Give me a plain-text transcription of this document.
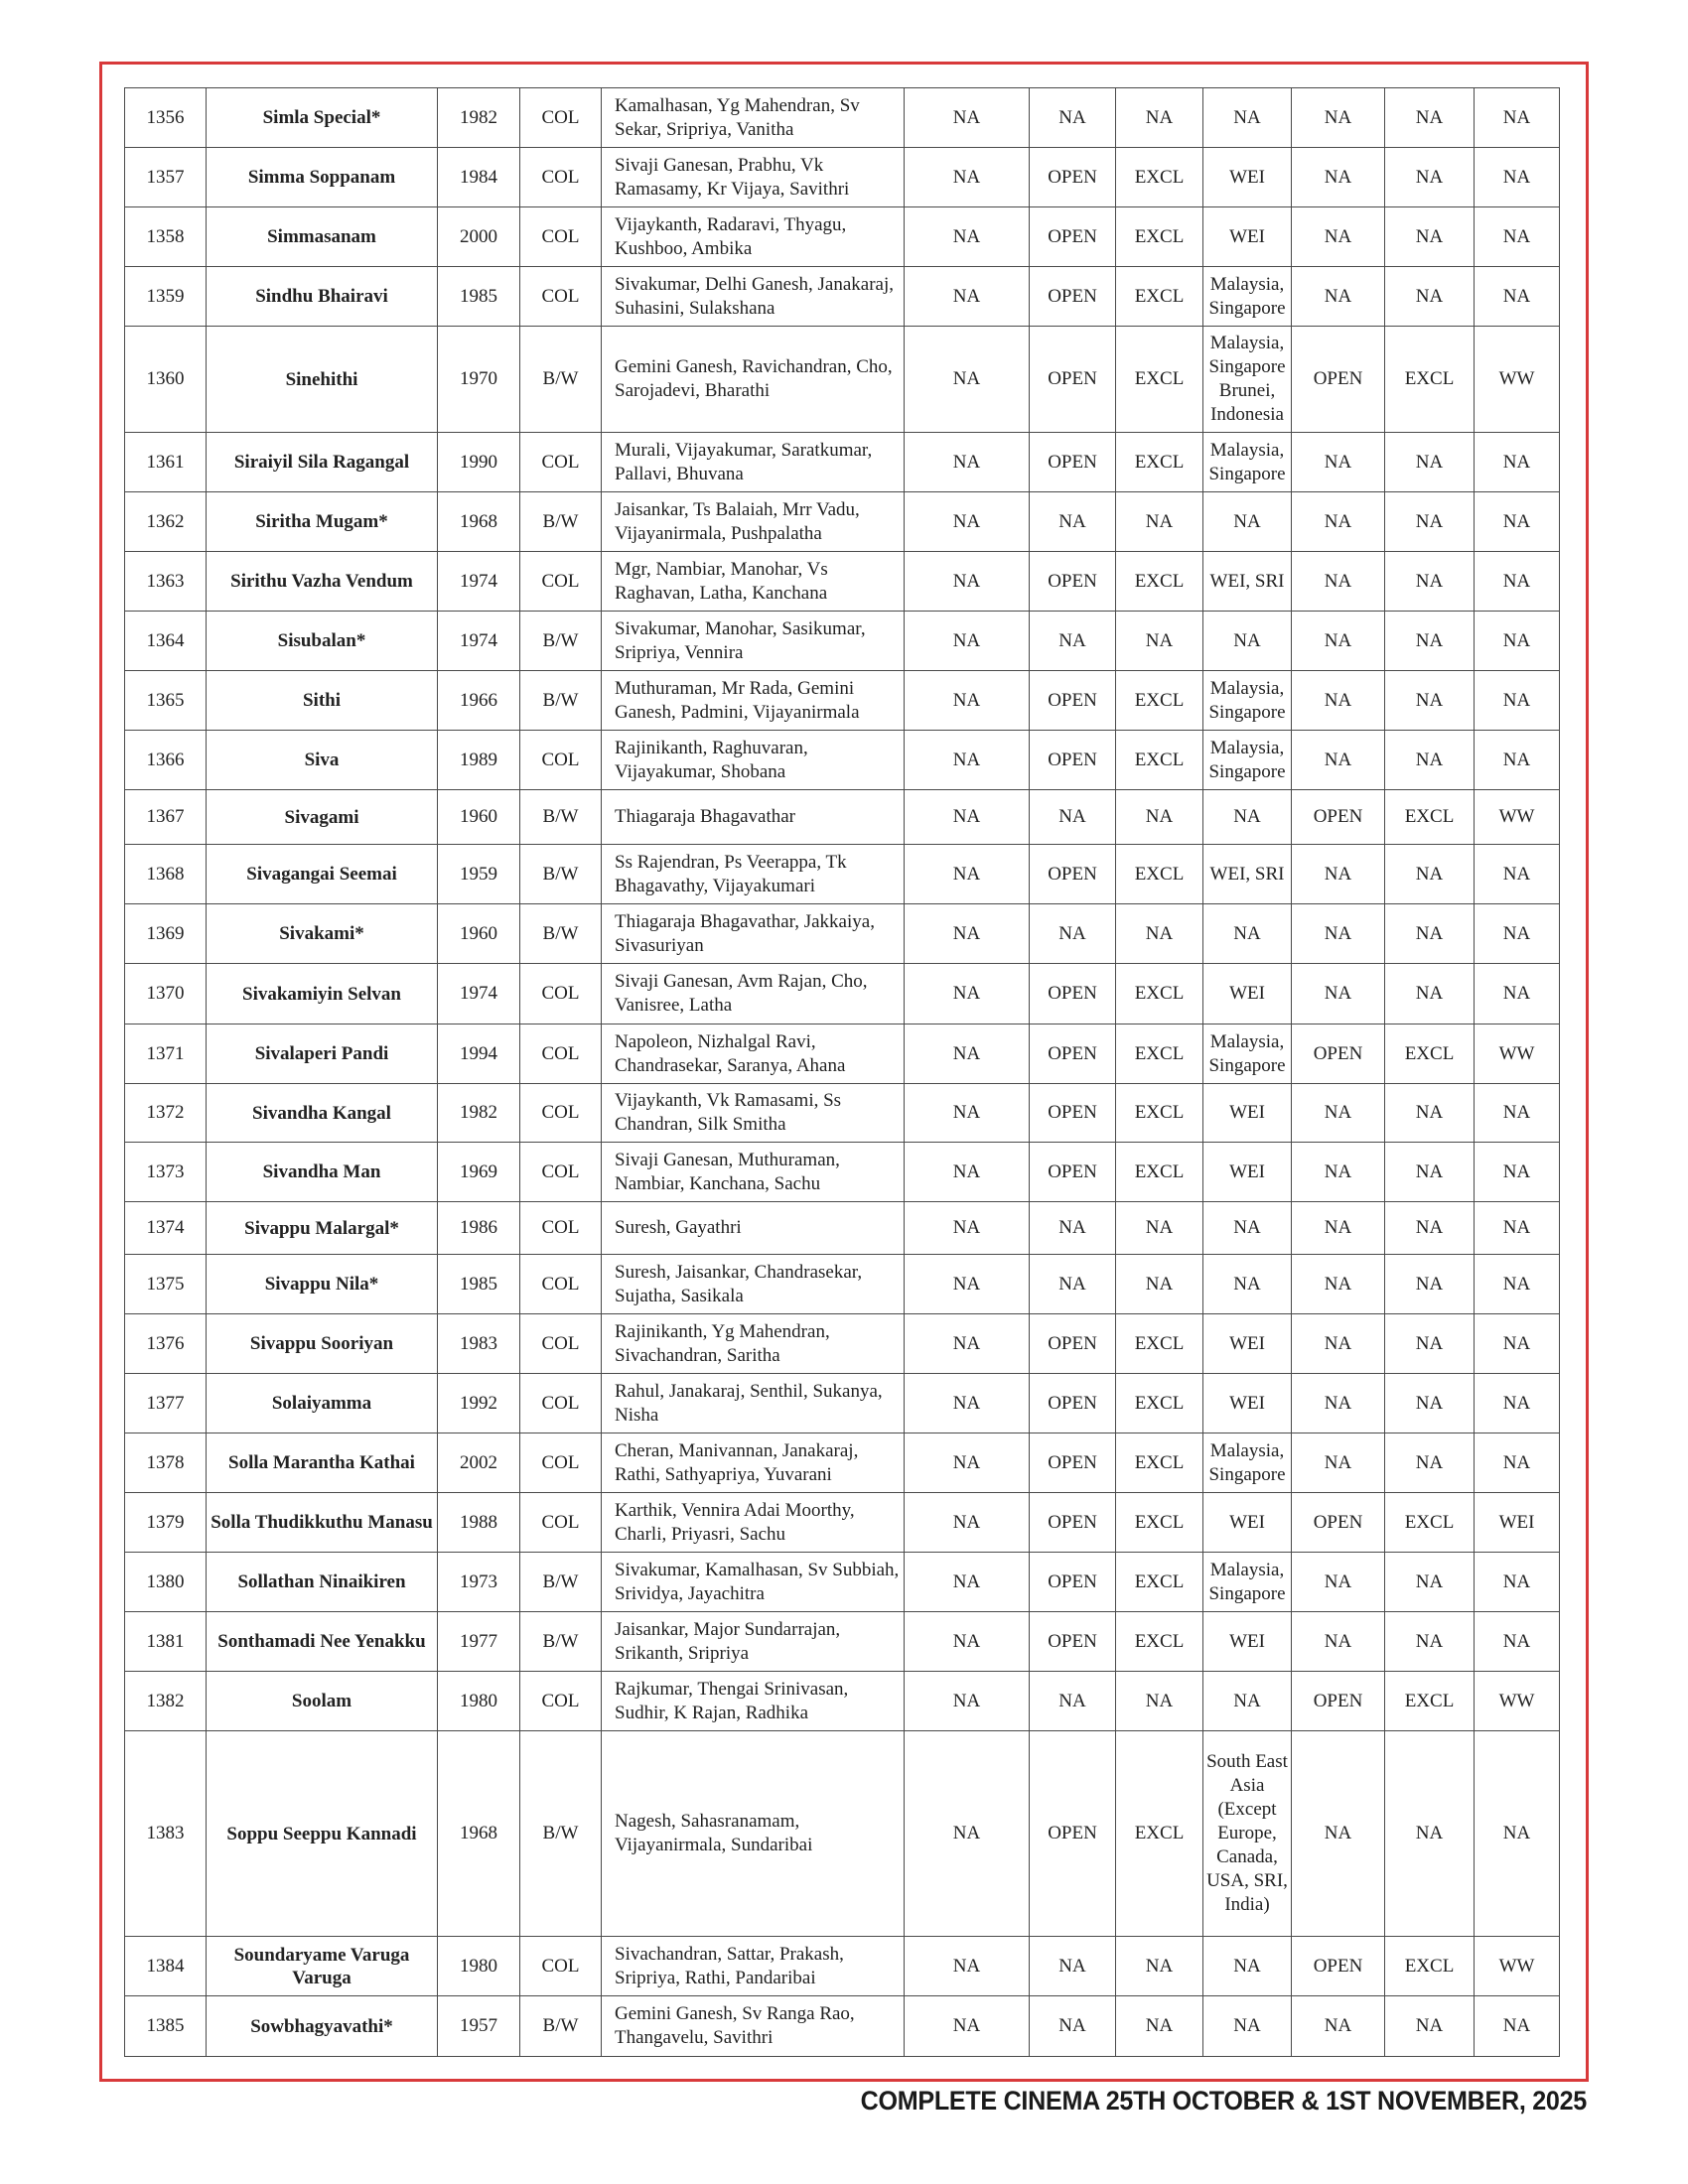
1356	Simla Special*	1982	COL	Kamalhasan, Yg Mahendran, Sv Sekar, Sripriya, Vanitha	NA	NA	NA	NA	NA	NA	NA
1357	Simma Soppanam	1984	COL	Sivaji Ganesan, Prabhu, Vk Ramasamy, Kr Vijaya, Savithri	NA	OPEN	EXCL	WEI	NA	NA	NA
1358	Simmasanam	2000	COL	Vijaykanth, Radaravi, Thyagu, Kushboo, Ambika	NA	OPEN	EXCL	WEI	NA	NA	NA
1359	Sindhu Bhairavi	1985	COL	Sivakumar, Delhi Ganesh, Janakaraj, Suhasini, Sulakshana	NA	OPEN	EXCL	Malaysia, Singapore	NA	NA	NA
1360	Sinehithi	1970	B/W	Gemini Ganesh, Ravichandran, Cho, Sarojadevi, Bharathi	NA	OPEN	EXCL	Malaysia, Singapore Brunei, Indonesia	OPEN	EXCL	WW
1361	Siraiyil Sila Ragangal	1990	COL	Murali, Vijayakumar, Saratkumar, Pallavi, Bhuvana	NA	OPEN	EXCL	Malaysia, Singapore	NA	NA	NA
1362	Siritha Mugam*	1968	B/W	Jaisankar, Ts Balaiah, Mrr Vadu, Vijayanirmala, Pushpalatha	NA	NA	NA	NA	NA	NA	NA
1363	Sirithu Vazha Vendum	1974	COL	Mgr, Nambiar, Manohar, Vs Raghavan, Latha, Kanchana	NA	OPEN	EXCL	WEI, SRI	NA	NA	NA
1364	Sisubalan*	1974	B/W	Sivakumar, Manohar, Sasikumar, Sripriya, Vennira	NA	NA	NA	NA	NA	NA	NA
1365	Sithi	1966	B/W	Muthuraman, Mr Rada, Gemini Ganesh, Padmini, Vijayanirmala	NA	OPEN	EXCL	Malaysia, Singapore	NA	NA	NA
1366	Siva	1989	COL	Rajinikanth, Raghuvaran, Vijayakumar, Shobana	NA	OPEN	EXCL	Malaysia, Singapore	NA	NA	NA
1367	Sivagami	1960	B/W	Thiagaraja Bhagavathar	NA	NA	NA	NA	OPEN	EXCL	WW
1368	Sivagangai Seemai	1959	B/W	Ss Rajendran, Ps Veerappa, Tk Bhagavathy, Vijayakumari	NA	OPEN	EXCL	WEI, SRI	NA	NA	NA
1369	Sivakami*	1960	B/W	Thiagaraja Bhagavathar, Jakkaiya, Sivasuriyan	NA	NA	NA	NA	NA	NA	NA
1370	Sivakamiyin Selvan	1974	COL	Sivaji Ganesan, Avm Rajan, Cho, Vanisree, Latha	NA	OPEN	EXCL	WEI	NA	NA	NA
1371	Sivalaperi Pandi	1994	COL	Napoleon, Nizhalgal Ravi, Chandrasekar, Saranya, Ahana	NA	OPEN	EXCL	Malaysia, Singapore	OPEN	EXCL	WW
1372	Sivandha Kangal	1982	COL	Vijaykanth, Vk Ramasami, Ss Chandran, Silk Smitha	NA	OPEN	EXCL	WEI	NA	NA	NA
1373	Sivandha Man	1969	COL	Sivaji Ganesan, Muthuraman, Nambiar, Kanchana, Sachu	NA	OPEN	EXCL	WEI	NA	NA	NA
1374	Sivappu Malargal*	1986	COL	Suresh, Gayathri	NA	NA	NA	NA	NA	NA	NA
1375	Sivappu Nila*	1985	COL	Suresh, Jaisankar, Chandrasekar, Sujatha, Sasikala	NA	NA	NA	NA	NA	NA	NA
1376	Sivappu Sooriyan	1983	COL	Rajinikanth, Yg Mahendran, Sivachandran, Saritha	NA	OPEN	EXCL	WEI	NA	NA	NA
1377	Solaiyamma	1992	COL	Rahul, Janakaraj, Senthil, Sukanya, Nisha	NA	OPEN	EXCL	WEI	NA	NA	NA
1378	Solla Marantha Kathai	2002	COL	Cheran, Manivannan, Janakaraj, Rathi, Sathyapriya, Yuvarani	NA	OPEN	EXCL	Malaysia, Singapore	NA	NA	NA
1379	Solla Thudikkuthu Manasu	1988	COL	Karthik, Vennira Adai Moorthy, Charli, Priyasri, Sachu	NA	OPEN	EXCL	WEI	OPEN	EXCL	WEI
1380	Sollathan Ninaikiren	1973	B/W	Sivakumar, Kamalhasan, Sv Subbiah, Srividya, Jayachitra	NA	OPEN	EXCL	Malaysia, Singapore	NA	NA	NA
1381	Sonthamadi Nee Yenakku	1977	B/W	Jaisankar, Major Sundarrajan, Srikanth, Sripriya	NA	OPEN	EXCL	WEI	NA	NA	NA
1382	Soolam	1980	COL	Rajkumar, Thengai Srinivasan, Sudhir, K Rajan, Radhika	NA	NA	NA	NA	OPEN	EXCL	WW
1383	Soppu Seeppu Kannadi	1968	B/W	Nagesh, Sahasranamam, Vijayanirmala, Sundaribai	NA	OPEN	EXCL	South East Asia (Except Europe, Canada, USA, SRI, India)	NA	NA	NA
1384	Soundaryame Varuga Varuga	1980	COL	Sivachandran, Sattar, Prakash, Sripriya, Rathi, Pandaribai	NA	NA	NA	NA	OPEN	EXCL	WW
1385	Sowbhagyavathi*	1957	B/W	Gemini Ganesh, Sv Ranga Rao, Thangavelu, Savithri	NA	NA	NA	NA	NA	NA	NA
COMPLETE CINEMA 25TH OCTOBER & 1ST NOVEMBER, 2025
